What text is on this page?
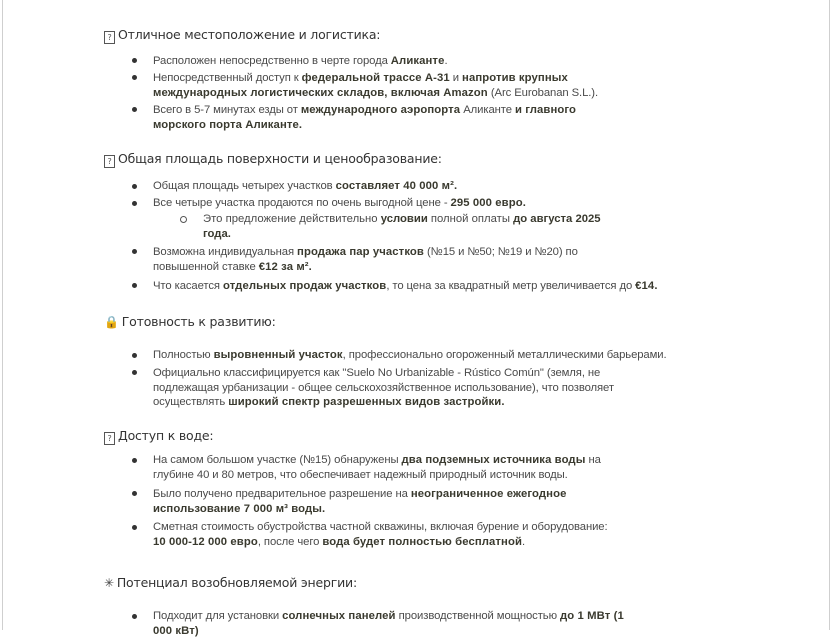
? Отличное местоположение и логистика:
Расположен непосредственно в черте города Аликанте.
Непосредственный доступ к федеральной трассе А-31 и напротив крупных
международных логистических складов, включая Amazon (Arc Eurobanan S.L.).
Всего в 5-7 минутах езды от международного аэропорта Аликанте и главного
морского порта Аликанте.
? Общая площадь поверхности и ценообразование:
Общая площадь четырех участков составляет 40 000 м².
Все четыре участка продаются по очень выгодной цене - 295 000 евро.
Это предложение действительно условии полной оплаты до августа 2025
года.
Возможна индивидуальная продажа пар участков (№15 и №50; №19 и №20) по
повышенной ставке €12 за м².
Что касается отдельных продаж участков, то цена за квадратный метр увеличивается до €14.
🔒 Готовность к развитию:
Полностью выровненный участок, профессионально огороженный металлическими барьерами.
Официально классифицируется как "Suelo No Urbanizable - Rústico Común" (земля, не
подлежащая урбанизации - общее сельскохозяйственное использование), что позволяет
осуществлять широкий спектр разрешенных видов застройки.
? Доступ к воде:
На самом большом участке (№15) обнаружены два подземных источника воды на
глубине 40 и 80 метров, что обеспечивает надежный природный источник воды.
Было получено предварительное разрешение на неограниченное ежегодное
использование 7 000 м³ воды.
Сметная стоимость обустройства частной скважины, включая бурение и оборудование:
10 000-12 000 евро, после чего вода будет полностью бесплатной.
✳ Потенциал возобновляемой энергии:
Подходит для установки солнечных панелей производственной мощностью до 1 МВт (1
000 кВт)
